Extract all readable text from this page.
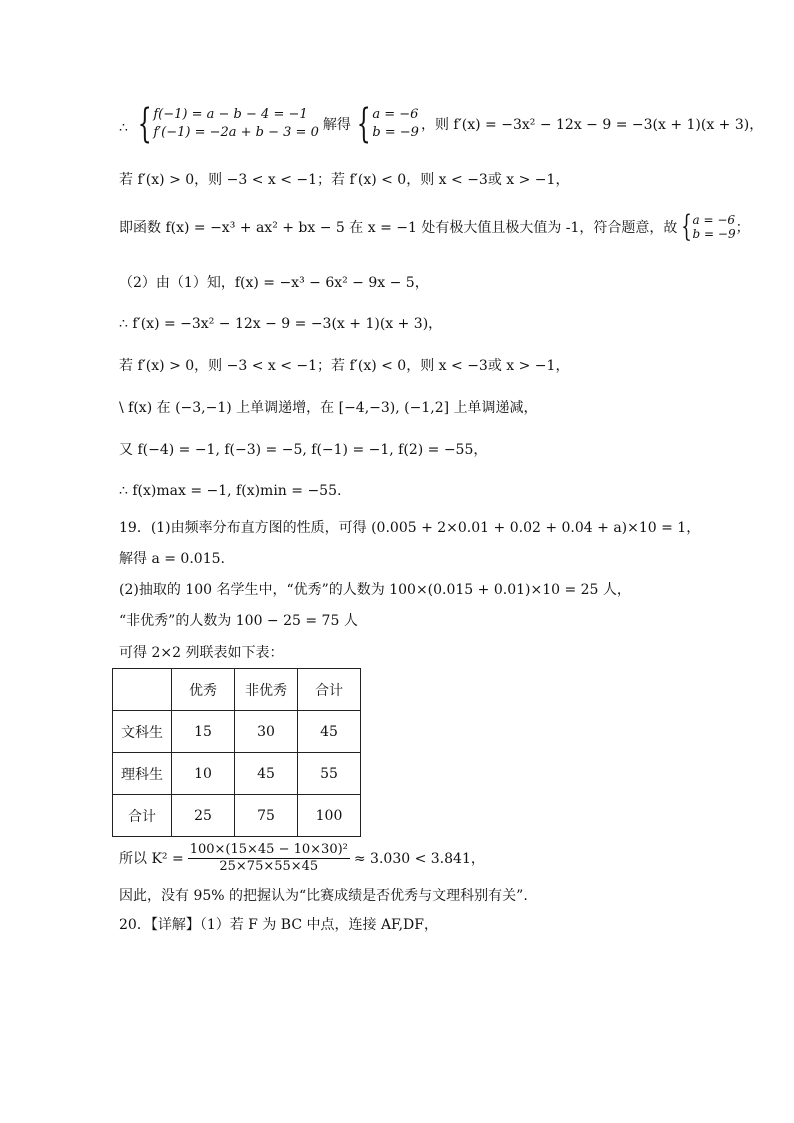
∴ { f(−1) = a − b − 4 = −1
f′(−1) = −2a + b − 3 = 0 解得 { a = −6
b = −9 ，则 f′(x) = −3x² − 12x − 9 = −3(x + 1)(x + 3)，
若 f′(x) > 0，则 −3 < x < −1；若 f′(x) < 0，则 x < −3或 x > −1，
即函数 f(x) = −x³ + ax² + bx − 5 在 x = −1 处有极大值且极大值为 -1，符合题意，故 { a = −6
b = −9 ；
（2）由（1）知，f(x) = −x³ − 6x² − 9x − 5，
∴ f′(x) = −3x² − 12x − 9 = −3(x + 1)(x + 3)，
若 f′(x) > 0，则 −3 < x < −1；若 f′(x) < 0，则 x < −3或 x > −1，
\ f(x) 在 (−3,−1) 上单调递增，在 [−4,−3), (−1,2] 上单调递减，
又 f(−4) = −1, f(−3) = −5, f(−1) = −1, f(2) = −55，
∴ f(x)max = −1, f(x)min = −55.
19．(1)由频率分布直方图的性质，可得 (0.005 + 2×0.01 + 0.02 + 0.04 + a)×10 = 1，
解得 a = 0.015.
(2)抽取的 100 名学生中，“优秀”的人数为 100×(0.015 + 0.01)×10 = 25 人，
“非优秀”的人数为 100 − 25 = 75 人
可得 2×2 列联表如下表：
	优秀	非优秀	合计
文科生	15	30	45
理科生	10	45	55
合计	25	75	100
所以 $K^2 = \frac{\text{100×(15×45 − 10×30)²}}{25\times 75\times 55\times 45} \approx 3.030 < 3.841$，
因此，没有 95% 的把握认为“比赛成绩是否优秀与文理科别有关”.
20．【详解】（1）若 F 为 BC 中点，连接 AF,DF，
